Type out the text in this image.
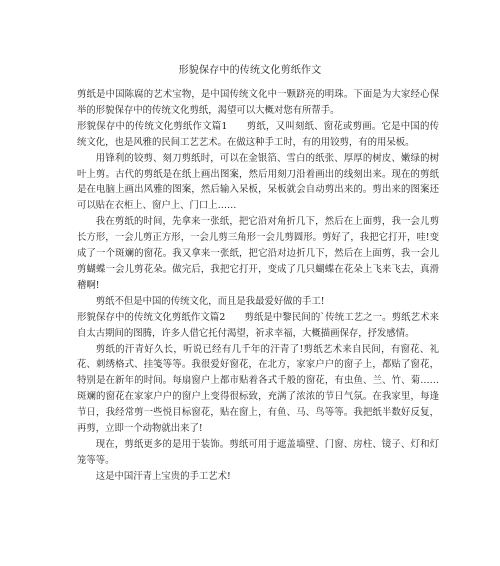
形貌保存中的传统文化剪纸作文

剪纸是中国陈腐的艺术宝物，是中国传统文化中一颗跻亮的明珠。下面是为大家经心保举的形貌保存中的传统文化剪纸，渴望可以大概对您有所帮手。

形貌保存中的传统文化剪纸作文篇1　　剪纸，又叫刻纸、窗花或剪画。它是中国的传统文化，也是风雅的民间工艺艺术。在做这种手工时，有的用铰剪，有的用呆板。

用锋利的铰剪、刻刀剪纸时，可以在金银箔、雪白的纸张、厚厚的树皮、嫩绿的树叶上剪。古代的剪纸是在纸上画出图案，然后用刻刀沿着画出的线刻出来。现在的剪纸是在电脑上画出风雅的图案，然后输入呆板，呆板就会自动剪出来的。剪出来的图案还可以贴在衣柜上、窗户上、门口上……

我在剪纸的时间，先拿来一张纸，把它沿对角折几下，然后在上面剪，我一会儿剪长方形，一会儿剪正方形，一会儿剪三角形一会儿剪圆形。剪好了，我把它打开，哇!变成了一个斑斓的窗花。我又拿来一张纸，把它沿对边折几下，然后在上面剪，我一会儿剪蝴蝶一会儿剪花朵。做完后，我把它打开，变成了几只蝴蝶在花朵上飞来飞去，真滑稽啊!

剪纸不但是中国的传统文化，而且是我最爱好做的手工!

形貌保存中的传统文化剪纸作文篇2　　剪纸是中黎民间的`传统工艺之一。剪纸艺术来自太古期间的图腾，许多人借它托付渴望，祈求幸福，大概描画保存，抒发感情。

剪纸的汗青好久长，听说已经有几千年的汗青了!剪纸艺术来自民间，有窗花、礼花、刺绣格式、挂笺等等。我很爱好窗花，在北方，家家户户的窗子上，都贴了窗花，特别是在新年的时间。每扇窗户上都市贴着各式千般的窗花，有虫鱼、兰、竹、菊……斑斓的窗花在家家户户的窗户上变得很标致，充满了浓浓的节日气氛。在我家里，每逢节日，我经常剪一些悦目标窗花，贴在窗上，有鱼、马、鸟等等。我把纸半数好反复，再剪，立即一个动物就出来了!

现在，剪纸更多的是用于装饰。剪纸可用于遮盖墙壁、门窗、房柱、镜子、灯和灯笼等等。

这是中国汗青上宝贵的手工艺术!
